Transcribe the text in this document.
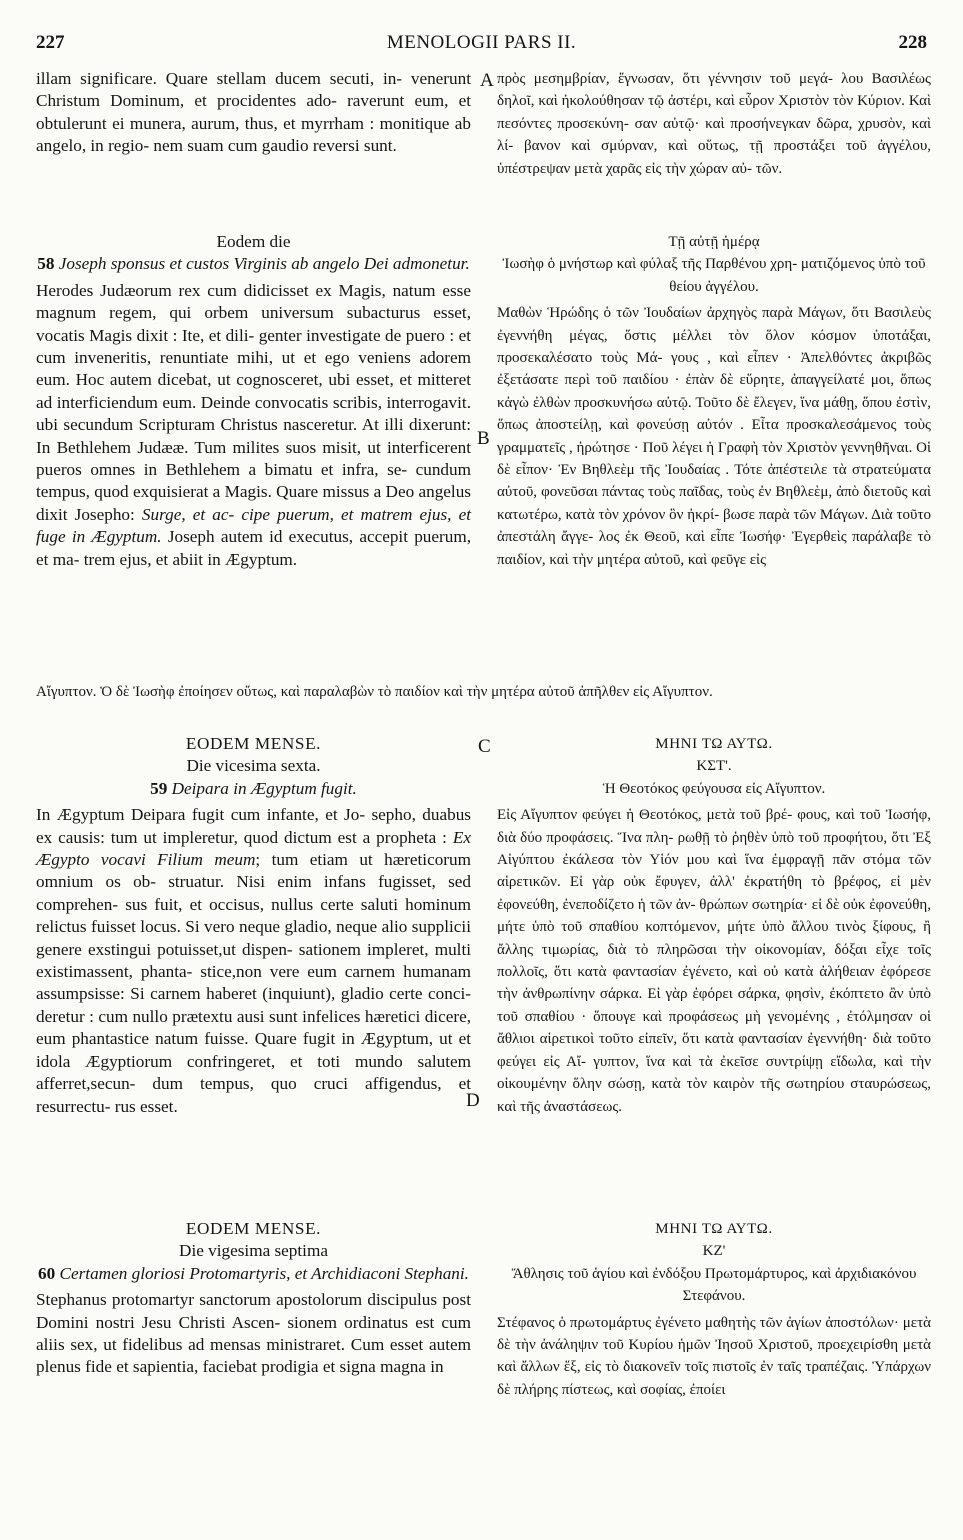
227	MENOLOGII PARS II.	228
A
B
C
D
illam significare. Quare stellam ducem secuti, in- venerunt Christum Dominum, et procidentes ado- raverunt eum, et obtulerunt ei munera, aurum, thus, et myrrham : monitique ab angelo, in regio- nem suam cum gaudio reversi sunt.
πρὸς μεσημβρίαν, ἔγνωσαν, ὅτι γέννησιν τοῦ μεγά- λου Βασιλέως δηλοῖ, καὶ ἠκολούθησαν τῷ ἀστέρι, καὶ εὗρον Χριστὸν τὸν Κύριον. Καὶ πεσόντες προσεκύνη- σαν αὐτῷ· καὶ προσήνεγκαν δῶρα, χρυσὸν, καὶ λί- βανον καὶ σμύρναν, καὶ οὕτως, τῇ προστάξει τοῦ ἀγγέλου, ὑπέστρεψαν μετὰ χαρᾶς εἰς τὴν χώραν αὐ- τῶν.
Eodem die
58 Joseph sponsus et custos Virginis ab angelo Dei admonetur.
Herodes Judæorum rex cum didicisset ex Magis, natum esse magnum regem, qui orbem universum subacturus esset, vocatis Magis dixit : Ite, et dili- genter investigate de puero : et cum inveneritis, renuntiate mihi, ut et ego veniens adorem eum. Hoc autem dicebat, ut cognosceret, ubi esset, et mitteret ad interficiendum eum. Deinde convocatis scribis, interrogavit. ubi secundum Scripturam Christus nasceretur. At illi dixerunt: In Bethlehem Judææ. Tum milites suos misit, ut interficerent pueros omnes in Bethlehem a bimatu et infra, se- cundum tempus, quod exquisierat a Magis. Quare missus a Deo angelus dixit Josepho: Surge, et ac- cipe puerum, et matrem ejus, et fuge in Ægyptum. Joseph autem id executus, accepit puerum, et ma- trem ejus, et abiit in Ægyptum.
Τῇ αὐτῇ ἡμέρᾳ
Ἰωσὴφ ὁ μνήστωρ καὶ φύλαξ τῆς Παρθένου χρη- ματιζόμενος ὑπὸ τοῦ θείου ἀγγέλου.
Μαθὼν Ἡρώδης ὁ τῶν Ἰουδαίων ἀρχηγὸς παρὰ Μάγων, ὅτι Βασιλεὺς ἐγεννήθη μέγας, ὅστις μέλλει τὸν ὅλον κόσμον ὑποτάξαι, προσεκαλέσατο τοὺς Μά- γους , καὶ εἶπεν · Ἀπελθόντες ἀκριβῶς ἐξετάσατε περὶ τοῦ παιδίου · ἐπὰν δὲ εὕρητε, ἀπαγγείλατέ μοι, ὅπως κἀγὼ ἐλθὼν προσκυνήσω αὐτῷ. Τοῦτο δὲ ἔλεγεν, ἵνα μάθῃ, ὅπου ἐστὶν, ὅπως ἀποστείλῃ, καὶ φονεύσῃ αὐτόν . Εἶτα προσκαλεσάμενος τοὺς γραμματεῖς , ἠρώτησε · Ποῦ λέγει ἡ Γραφὴ τὸν Χριστὸν γεννηθῆναι. Οἱ δὲ εἶπον· Ἐν Βηθλεὲμ τῆς Ἰουδαίας . Τότε ἀπέστειλε τὰ στρατεύματα αὐτοῦ, φονεῦσαι πάντας τοὺς παῖδας, τοὺς ἐν Βηθλεὲμ, ἀπὸ διετοῦς καὶ κατωτέρω, κατὰ τὸν χρόνον ὃν ἠκρί- βωσε παρὰ τῶν Μάγων. Διὰ τοῦτο ἀπεστάλη ἄγγε- λος ἐκ Θεοῦ, καὶ εἶπε Ἰωσήφ· Ἐγερθεὶς παράλαβε τὸ παιδίον, καὶ τὴν μητέρα αὐτοῦ, καὶ φεῦγε εἰς
Αἴγυπτον. Ὁ δὲ Ἰωσὴφ ἐποίησεν οὕτως, καὶ παραλαβὼν τὸ παιδίον καὶ τὴν μητέρα αὐτοῦ ἀπῆλθεν εἰς Αἴγυπτον.
EODEM MENSE.
Die vicesima sexta.
59 Deipara in Ægyptum fugit.
In Ægyptum Deipara fugit cum infante, et Jo- sepho, duabus ex causis: tum ut impleretur, quod dictum est a propheta : Ex Ægypto vocavi Filium meum; tum etiam ut hæreticorum omnium os ob- struatur. Nisi enim infans fugisset, sed comprehen- sus fuit, et occisus, nullus certe saluti hominum relictus fuisset locus. Si vero neque gladio, neque alio supplicii genere exstingui potuisset,ut dispen- sationem impleret, multi existimassent, phanta- stice,non vere eum carnem humanam assumpsisse: Si carnem haberet (inquiunt), gladio certe conci- deretur : cum nullo prætextu ausi sunt infelices hæretici dicere, eum phantastice natum fuisse. Quare fugit in Ægyptum, ut et idola Ægyptiorum confringeret, et toti mundo salutem afferret,secun- dum tempus, quo cruci affigendus, et resurrectu- rus esset.
ΜΗΝΙ ΤΩ ΑΥΤΩ.
ΚΣΤ'.
Ἡ Θεοτόκος φεύγουσα εἰς Αἴγυπτον.
Εἰς Αἴγυπτον φεύγει ἡ Θεοτόκος, μετὰ τοῦ βρέ- φους, καὶ τοῦ Ἰωσήφ, διὰ δύο προφάσεις. Ἵνα πλη- ρωθῇ τὸ ῥηθὲν ὑπὸ τοῦ προφήτου, ὅτι Ἐξ Αἰγύπτου ἐκάλεσα τὸν Υἱόν μου καὶ ἵνα ἐμφραγῇ πᾶν στόμα τῶν αἱρετικῶν. Εἰ γὰρ οὐκ ἔφυγεν, ἀλλ' ἐκρατήθη τὸ βρέφος, εἰ μὲν ἐφονεύθη, ἐνεποδίζετο ἡ τῶν ἀν- θρώπων σωτηρία· εἰ δὲ οὐκ ἐφονεύθη, μήτε ὑπὸ τοῦ σπαθίου κοπτόμενον, μήτε ὑπὸ ἄλλου τινὸς ξίφους, ἢ ἄλλης τιμωρίας, διὰ τὸ πληρῶσαι τὴν οἰκονομίαν, δόξαι εἶχε τοῖς πολλοῖς, ὅτι κατὰ φαντασίαν ἐγένετο, καὶ οὐ κατὰ ἀλήθειαν ἐφόρεσε τὴν ἀνθρωπίνην σάρκα. Εἰ γὰρ ἐφόρει σάρκα, φησὶν, ἐκόπτετο ἂν ὑπὸ τοῦ σπαθίου · ὅπουγε καὶ προφάσεως μὴ γενομένης , ἐτόλμησαν οἱ ἄθλιοι αἱρετικοὶ τοῦτο εἰπεῖν, ὅτι κατὰ φαντασίαν ἐγεννήθη· διὰ τοῦτο φεύγει εἰς Αἴ- γυπτον, ἵνα καὶ τὰ ἐκεῖσε συντρίψῃ εἴδωλα, καὶ τὴν οἰκουμένην ὅλην σώσῃ, κατὰ τὸν καιρὸν τῆς σωτηρίου σταυρώσεως, καὶ τῆς ἀναστάσεως.
EODEM MENSE.
Die vigesima septima
60 Certamen gloriosi Protomartyris, et Archidiaconi Stephani.
Stephanus protomartyr sanctorum apostolorum discipulus post Domini nostri Jesu Christi Ascen- sionem ordinatus est cum aliis sex, ut fidelibus ad mensas ministraret. Cum esset autem plenus fide et sapientia, faciebat prodigia et signa magna in
ΜΗΝΙ ΤΩ ΑΥΤΩ.
ΚΖ'
Ἄθλησις τοῦ ἁγίου καὶ ἐνδόξου Πρωτομάρτυρος, καὶ ἀρχιδιακόνου Στεφάνου.
Στέφανος ὁ πρωτομάρτυς ἐγένετο μαθητὴς τῶν ἁγίων ἀποστόλων· μετὰ δὲ τὴν ἀνάληψιν τοῦ Κυρίου ἡμῶν Ἰησοῦ Χριστοῦ, προεχειρίσθη μετὰ καὶ ἄλλων ἕξ, εἰς τὸ διακονεῖν τοῖς πιστοῖς ἐν ταῖς τραπέζαις. Ὑπάρχων δὲ πλήρης πίστεως, καὶ σοφίας, ἐποίει
